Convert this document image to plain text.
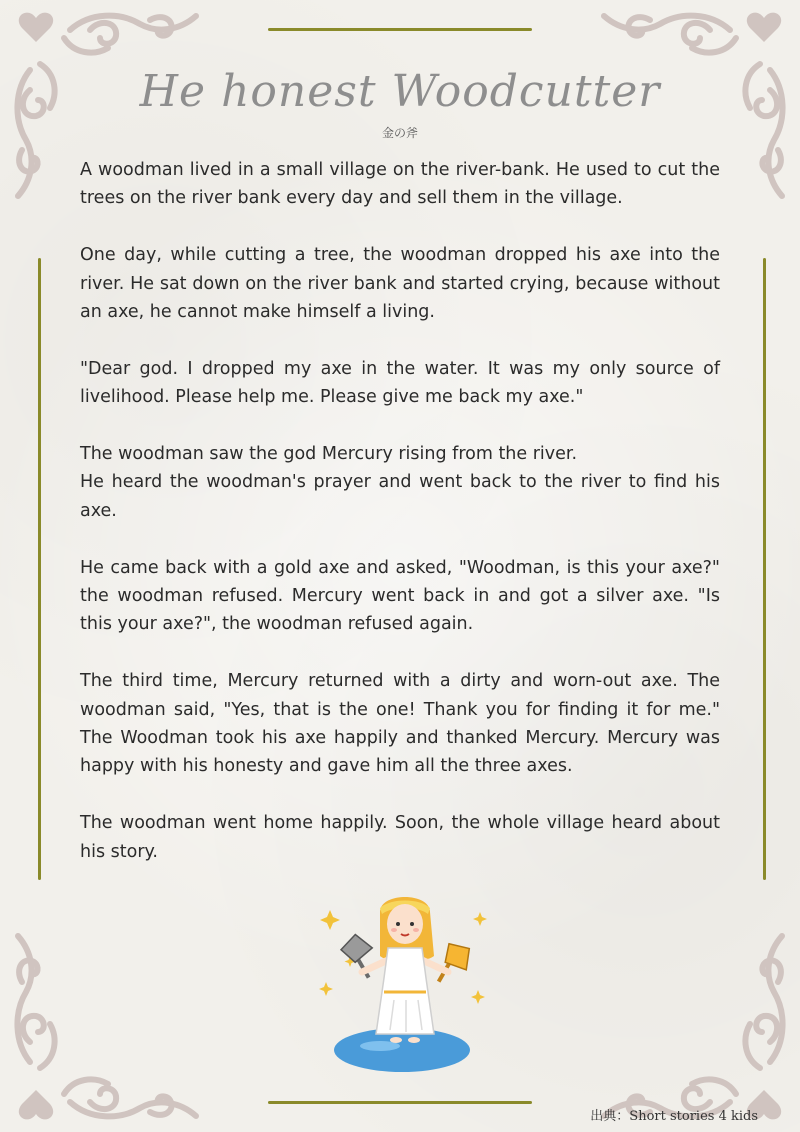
He honest Woodcutter
金の斧

A woodman lived in a small village on the river-bank. He used to cut the trees on the river bank every day and sell them in the village.

One day, while cutting a tree, the woodman dropped his axe into the river. He sat down on the river bank and started crying, because without an axe, he cannot make himself a living.

"Dear god. I dropped my axe in the water. It was my only source of livelihood. Please help me. Please give me back my axe."

The woodman saw the god Mercury rising from the river.

He heard the woodman's prayer and went back to the river to find his axe.

He came back with a gold axe and asked, "Woodman, is this your axe?" the woodman refused. Mercury went back in and got a silver axe. "Is this your axe?", the woodman refused again.

The third time, Mercury returned with a dirty and worn-out axe. The woodman said, "Yes, that is the one! Thank you for finding it for me." The Woodman took his axe happily and thanked Mercury. Mercury was happy with his honesty and gave him all the three axes.

The woodman went home happily. Soon, the whole village heard about his story.

出典：Short stories 4 kids
